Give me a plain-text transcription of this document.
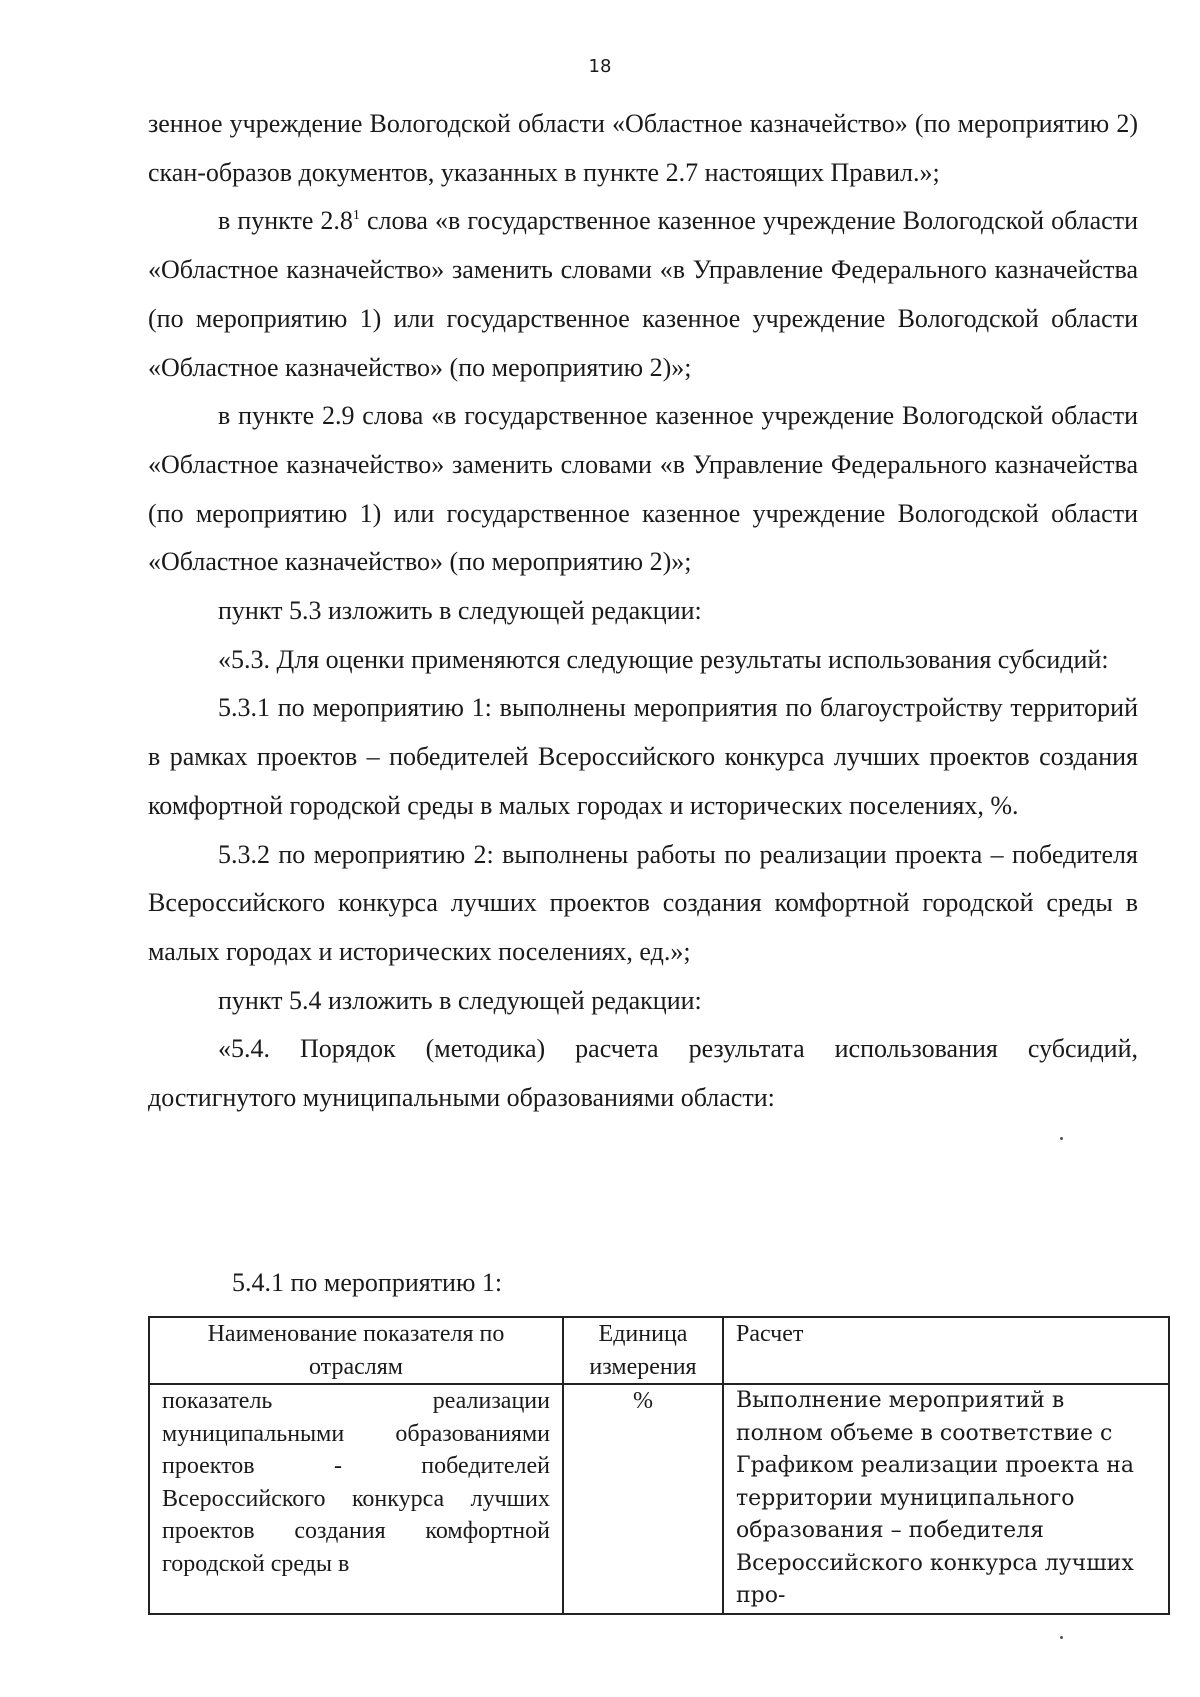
18

зенное учреждение Вологодской области «Областное казначейство» (по мероприятию 2) скан-образов документов, указанных в пункте 2.7 настоящих Правил.»;

в пункте $2.8^1$ слова «в государственное казенное учреждение Вологодской области «Областное казначейство» заменить словами «в Управление Федерального казначейства (по мероприятию 1) или государственное казенное учреждение Вологодской области «Областное казначейство» (по мероприятию 2)»;

в пункте 2.9 слова «в государственное казенное учреждение Вологодской области «Областное казначейство» заменить словами «в Управление Федерального казначейства (по мероприятию 1) или государственное казенное учреждение Вологодской области «Областное казначейство» (по мероприятию 2)»;

пункт 5.3 изложить в следующей редакции:

«5.3. Для оценки применяются следующие результаты использования субсидий:

5.3.1 по мероприятию 1: выполнены мероприятия по благоустройству территорий в рамках проектов – победителей Всероссийского конкурса лучших проектов создания комфортной городской среды в малых городах и исторических поселениях, %.

5.3.2 по мероприятию 2: выполнены работы по реализации проекта – победителя Всероссийского конкурса лучших проектов создания комфортной городской среды в малых городах и исторических поселениях, ед.»;

пункт 5.4 изложить в следующей редакции:

«5.4. Порядок (методика) расчета результата использования субсидий, достигнутого муниципальными образованиями области:

5.4.1 по мероприятию 1:
Наименование показателя по отраслям	Единица измерения	Расчет
показатель реализации муниципальными образованиями проектов - победителей Всероссийского конкурса лучших проектов создания комфортной городской среды в	%	Выполнение мероприятий в полном объеме в соответствие с Графиком реализации проекта на территории муниципального образования – победителя Всероссийского конкурса лучших про-
